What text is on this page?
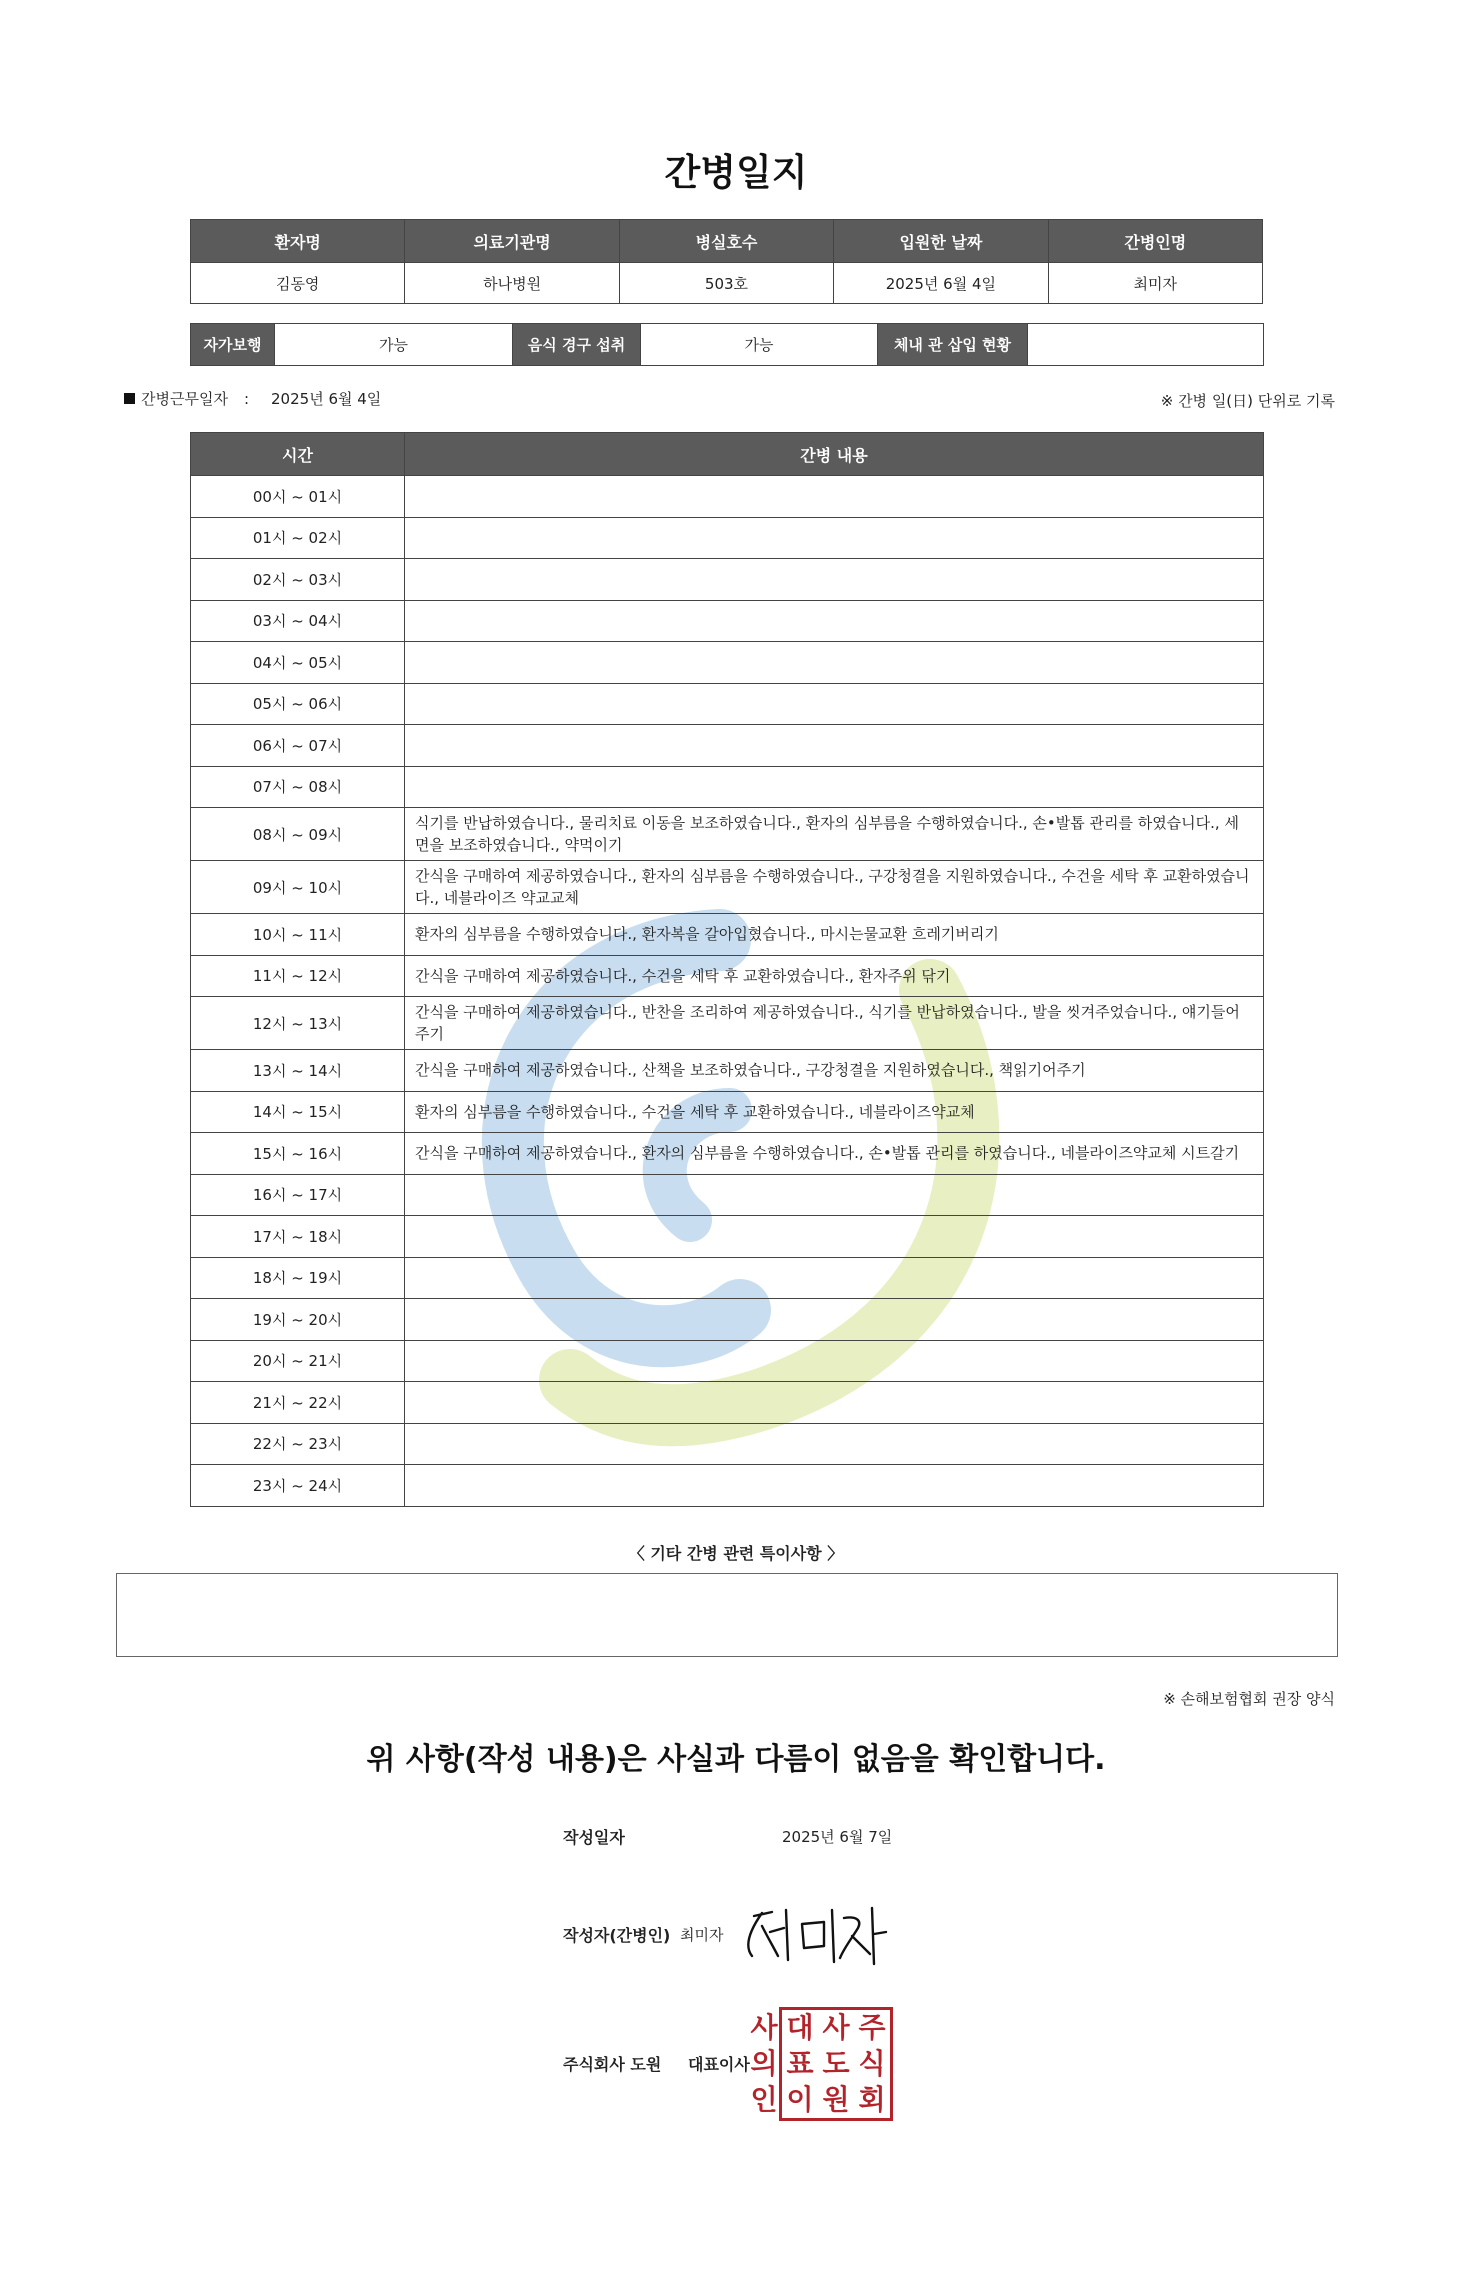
간병일지
환자명	의료기관명	병실호수	입원한 날짜	간병인명
김동영	하나병원	503호	2025년 6월 4일	최미자
자가보행	가능	음식 경구 섭취	가능	체내 관 삽입 현황	
간병근무일자 : 2025년 6월 4일	※ 간병 일(日) 단위로 기록
시간	간병 내용
00시 ~ 01시	
01시 ~ 02시	
02시 ~ 03시	
03시 ~ 04시	
04시 ~ 05시	
05시 ~ 06시	
06시 ~ 07시	
07시 ~ 08시	
08시 ~ 09시	식기를 반납하였습니다., 물리치료 이동을 보조하였습니다., 환자의 심부름을 수행하였습니다., 손•발톱 관리를 하였습니다., 세면을 보조하였습니다., 약먹이기
09시 ~ 10시	간식을 구매하여 제공하였습니다., 환자의 심부름을 수행하였습니다., 구강청결을 지원하였습니다., 수건을 세탁 후 교환하였습니다., 네블라이즈 약교교체
10시 ~ 11시	환자의 심부름을 수행하였습니다., 환자복을 갈아입혔습니다., 마시는물교환 흐레기버리기
11시 ~ 12시	간식을 구매하여 제공하였습니다., 수건을 세탁 후 교환하였습니다., 환자주위 닦기
12시 ~ 13시	간식을 구매하여 제공하였습니다., 반찬을 조리하여 제공하였습니다., 식기를 반납하였습니다., 발을 씻겨주었습니다., 얘기들어주기
13시 ~ 14시	간식을 구매하여 제공하였습니다., 산책을 보조하였습니다., 구강청결을 지원하였습니다., 책읽기어주기
14시 ~ 15시	환자의 심부름을 수행하였습니다., 수건을 세탁 후 교환하였습니다., 네블라이즈약교체
15시 ~ 16시	간식을 구매하여 제공하였습니다., 환자의 심부름을 수행하였습니다., 손•발톱 관리를 하였습니다., 네블라이즈약교체 시트갈기
16시 ~ 17시	
17시 ~ 18시	
18시 ~ 19시	
19시 ~ 20시	
20시 ~ 21시	
21시 ~ 22시	
22시 ~ 23시	
23시 ~ 24시	
〈 기타 간병 관련 특이사항 〉
※ 손해보험협회 권장 양식
위 사항(작성 내용)은 사실과 다름이 없음을 확인합니다.
작성일자	2025년 6월 7일
작성자(간병인) 최미자
주식회사 도원 대표이사
주
식
회
사
도
원
대
표
이
사
의
인
